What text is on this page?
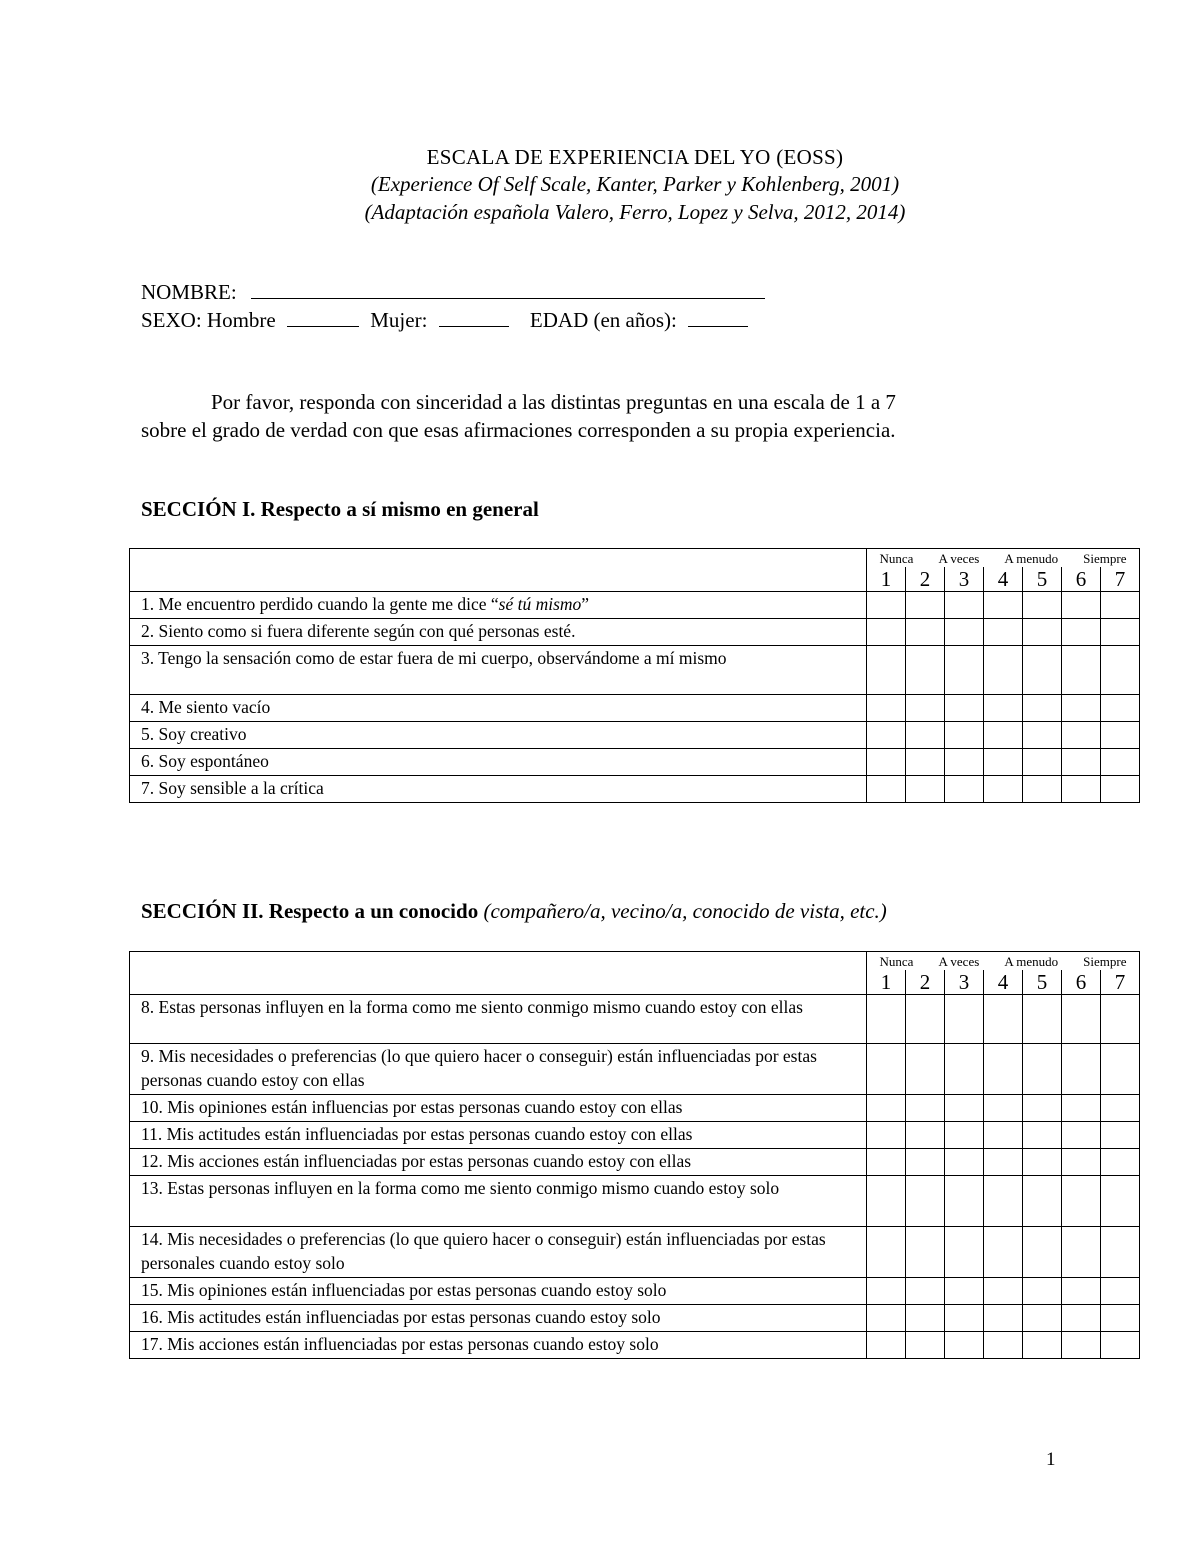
ESCALA DE EXPERIENCIA DEL YO (EOSS)
(Experience Of Self Scale, Kanter, Parker y Kohlenberg, 2001)
(Adaptación española Valero, Ferro, Lopez y Selva, 2012, 2014)
NOMBRE:
SEXO: Hombre	Mujer:	EDAD (en años):

Por favor, responda con sinceridad a las distintas preguntas en una escala de 1 a 7

sobre el grado de verdad con que esas afirmaciones corresponden a su propia experiencia.

SECCIÓN I. Respecto a sí mismo en general

	Nunca A veces A menudo Siempre						

	1	2	3	4	5	6	7
1. Me encuentro perdido cuando la gente me dice “sé tú mismo”							
2. Siento como si fuera diferente según con qué personas esté.							
3. Tengo la sensación como de estar fuera de mi cuerpo, observándome a mí mismo							
4. Me siento vacío							
5. Soy creativo							
6. Soy espontáneo							
7. Soy sensible a la crítica							
SECCIÓN II. Respecto a un conocido (compañero/a, vecino/a, conocido de vista, etc.)

	Nunca A veces A menudo Siempre						

	1	2	3	4	5	6	7
8. Estas personas influyen en la forma como me siento conmigo mismo cuando estoy con ellas							
9. Mis necesidades o preferencias (lo que quiero hacer o conseguir) están influenciadas por estas personas cuando estoy con ellas							
10. Mis opiniones están influencias por estas personas cuando estoy con ellas							
11. Mis actitudes están influenciadas por estas personas cuando estoy con ellas							
12. Mis acciones están influenciadas por estas personas cuando estoy con ellas							
13. Estas personas influyen en la forma como me siento conmigo mismo cuando estoy solo							
14. Mis necesidades o preferencias (lo que quiero hacer o conseguir) están influenciadas por estas personales cuando estoy solo							
15. Mis opiniones están influenciadas por estas personas cuando estoy solo							
16. Mis actitudes están influenciadas por estas personas cuando estoy solo							
17. Mis acciones están influenciadas por estas personas cuando estoy solo							
1
